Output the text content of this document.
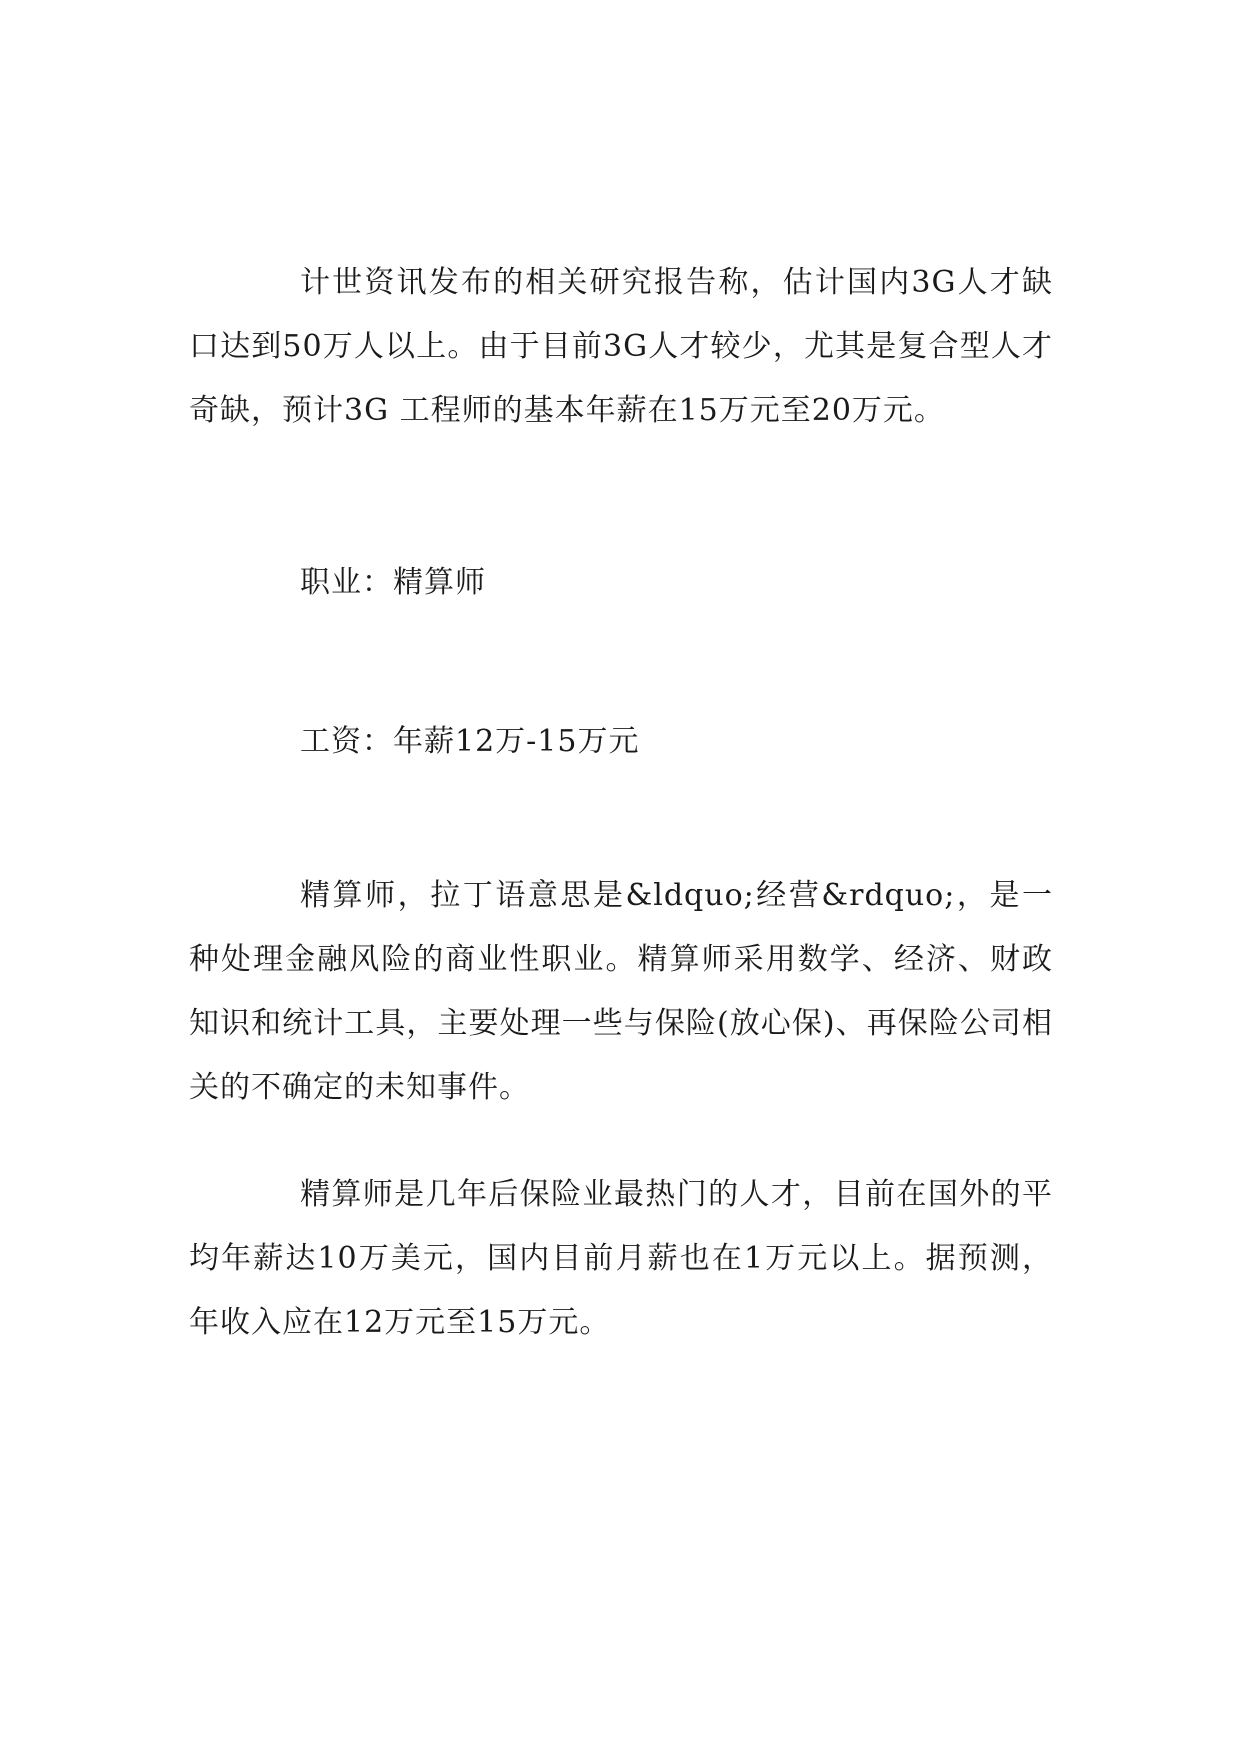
计世资讯发布的相关研究报告称，估计国内3G人才缺口达到50万人以上。由于目前3G人才较少，尤其是复合型人才奇缺，预计3G 工程师的基本年薪在15万元至20万元。

职业：精算师

工资：年薪12万-15万元

精算师，拉丁语意思是&ldquo;经营&rdquo;，是一种处理金融风险的商业性职业。精算师采用数学、经济、财政知识和统计工具，主要处理一些与保险(放心保)、再保险公司相关的不确定的未知事件。

精算师是几年后保险业最热门的人才，目前在国外的平均年薪达10万美元，国内目前月薪也在1万元以上。据预测，年收入应在12万元至15万元。
